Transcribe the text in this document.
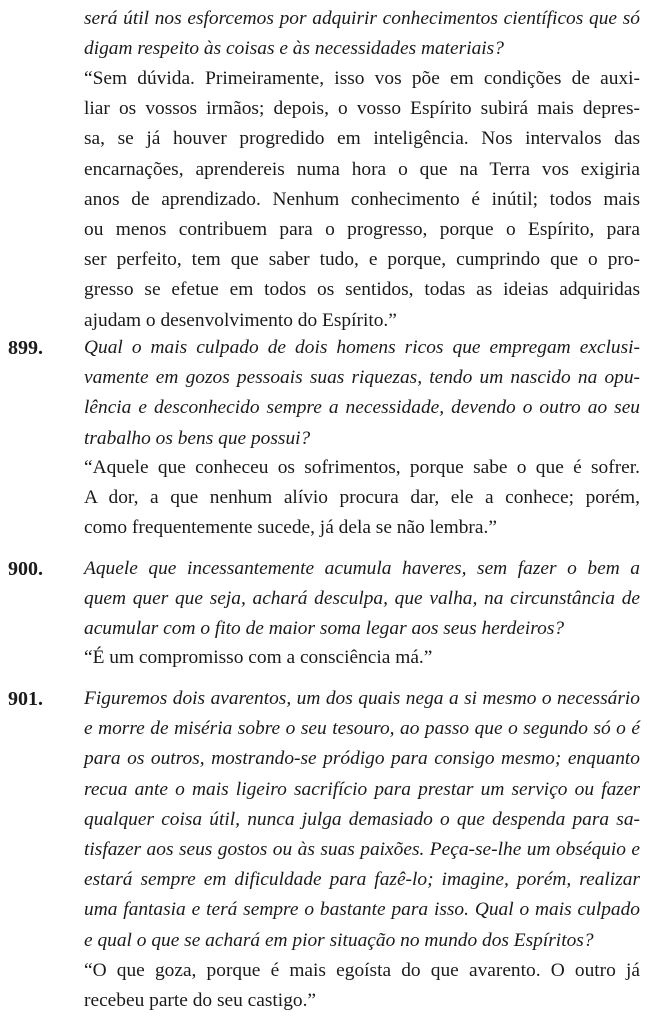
será útil nos esforcemos por adquirir conhecimentos científicos que só
digam respeito às coisas e às necessidades materiais?
“Sem dúvida. Primeiramente, isso vos põe em condições de auxi-
liar os vossos irmãos; depois, o vosso Espírito subirá mais depres-
sa, se já houver progredido em inteligência. Nos intervalos das
encarnações, aprendereis numa hora o que na Terra vos exigiria
anos de aprendizado. Nenhum conhecimento é inútil; todos mais
ou menos contribuem para o progresso, porque o Espírito, para
ser perfeito, tem que saber tudo, e porque, cumprindo que o pro-
gresso se efetue em todos os sentidos, todas as ideias adquiridas
ajudam o desenvolvimento do Espírito.”

899. Qual o mais culpado de dois homens ricos que empregam exclusi-
vamente em gozos pessoais suas riquezas, tendo um nascido na opu-
lência e desconhecido sempre a necessidade, devendo o outro ao seu
trabalho os bens que possui?
“Aquele que conheceu os sofrimentos, porque sabe o que é sofrer.
A dor, a que nenhum alívio procura dar, ele a conhece; porém,
como frequentemente sucede, já dela se não lembra.”

900. Aquele que incessantemente acumula haveres, sem fazer o bem a
quem quer que seja, achará desculpa, que valha, na circunstância de
acumular com o fito de maior soma legar aos seus herdeiros?
“É um compromisso com a consciência má.”

901. Figuremos dois avarentos, um dos quais nega a si mesmo o necessário
e morre de miséria sobre o seu tesouro, ao passo que o segundo só o é
para os outros, mostrando-se pródigo para consigo mesmo; enquanto
recua ante o mais ligeiro sacrifício para prestar um serviço ou fazer
qualquer coisa útil, nunca julga demasiado o que despenda para sa-
tisfazer aos seus gostos ou às suas paixões. Peça-se-lhe um obséquio e
estará sempre em dificuldade para fazê-lo; imagine, porém, realizar
uma fantasia e terá sempre o bastante para isso. Qual o mais culpado
e qual o que se achará em pior situação no mundo dos Espíritos?
“O que goza, porque é mais egoísta do que avarento. O outro já
recebeu parte do seu castigo.”
